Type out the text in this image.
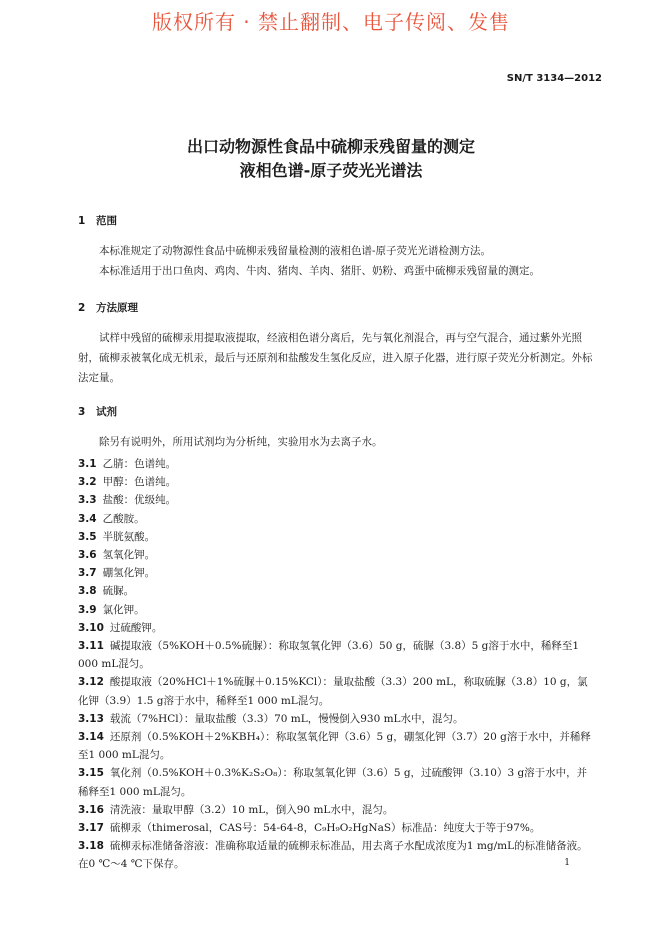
版权所有 · 禁止翻制、电子传阅、发售
SN/T 3134—2012
出口动物源性食品中硫柳汞残留量的测定
液相色谱-原子荧光光谱法
1 范围

本标准规定了动物源性食品中硫柳汞残留量检测的液相色谱-原子荧光光谱检测方法。

本标准适用于出口鱼肉、鸡肉、牛肉、猪肉、羊肉、猪肝、奶粉、鸡蛋中硫柳汞残留量的测定。

2 方法原理

试样中残留的硫柳汞用提取液提取，经液相色谱分离后，先与氧化剂混合，再与空气混合，通过紫外光照射，硫柳汞被氧化成无机汞，最后与还原剂和盐酸发生氢化反应，进入原子化器，进行原子荧光分析测定。外标法定量。

3 试剂

除另有说明外，所用试剂均为分析纯，实验用水为去离子水。

3.1 乙腈：色谱纯。

3.2 甲醇：色谱纯。

3.3 盐酸：优级纯。

3.4 乙酸胺。

3.5 半胱氨酸。

3.6 氢氧化钾。

3.7 硼氢化钾。

3.8 硫脲。

3.9 氯化钾。

3.10 过硫酸钾。

3.11 碱提取液（5%KOH＋0.5%硫脲）：称取氢氧化钾（3.6）50 g，硫脲（3.8）5 g溶于水中，稀释至1 000 mL混匀。

3.12 酸提取液（20%HCl＋1%硫脲＋0.15%KCl）：量取盐酸（3.3）200 mL，称取硫脲（3.8）10 g，氯化钾（3.9）1.5 g溶于水中，稀释至1 000 mL混匀。

3.13 载流（7%HCl）：量取盐酸（3.3）70 mL，慢慢倒入930 mL水中，混匀。

3.14 还原剂（0.5%KOH＋2%KBH₄）：称取氢氧化钾（3.6）5 g，硼氢化钾（3.7）20 g溶于水中，并稀释至1 000 mL混匀。

3.15 氧化剂（0.5%KOH＋0.3%K₂S₂O₈）：称取氢氧化钾（3.6）5 g，过硫酸钾（3.10）3 g溶于水中，并稀释至1 000 mL混匀。

3.16 清洗液：量取甲醇（3.2）10 mL，倒入90 mL水中，混匀。

3.17 硫柳汞（thimerosal，CAS号：54-64-8，C₉H₉O₂HgNaS）标准品：纯度大于等于97%。

3.18 硫柳汞标准储备溶液：准确称取适量的硫柳汞标准品，用去离子水配成浓度为1 mg/mL的标准储备液。在0 ℃～4 ℃下保存。	1
